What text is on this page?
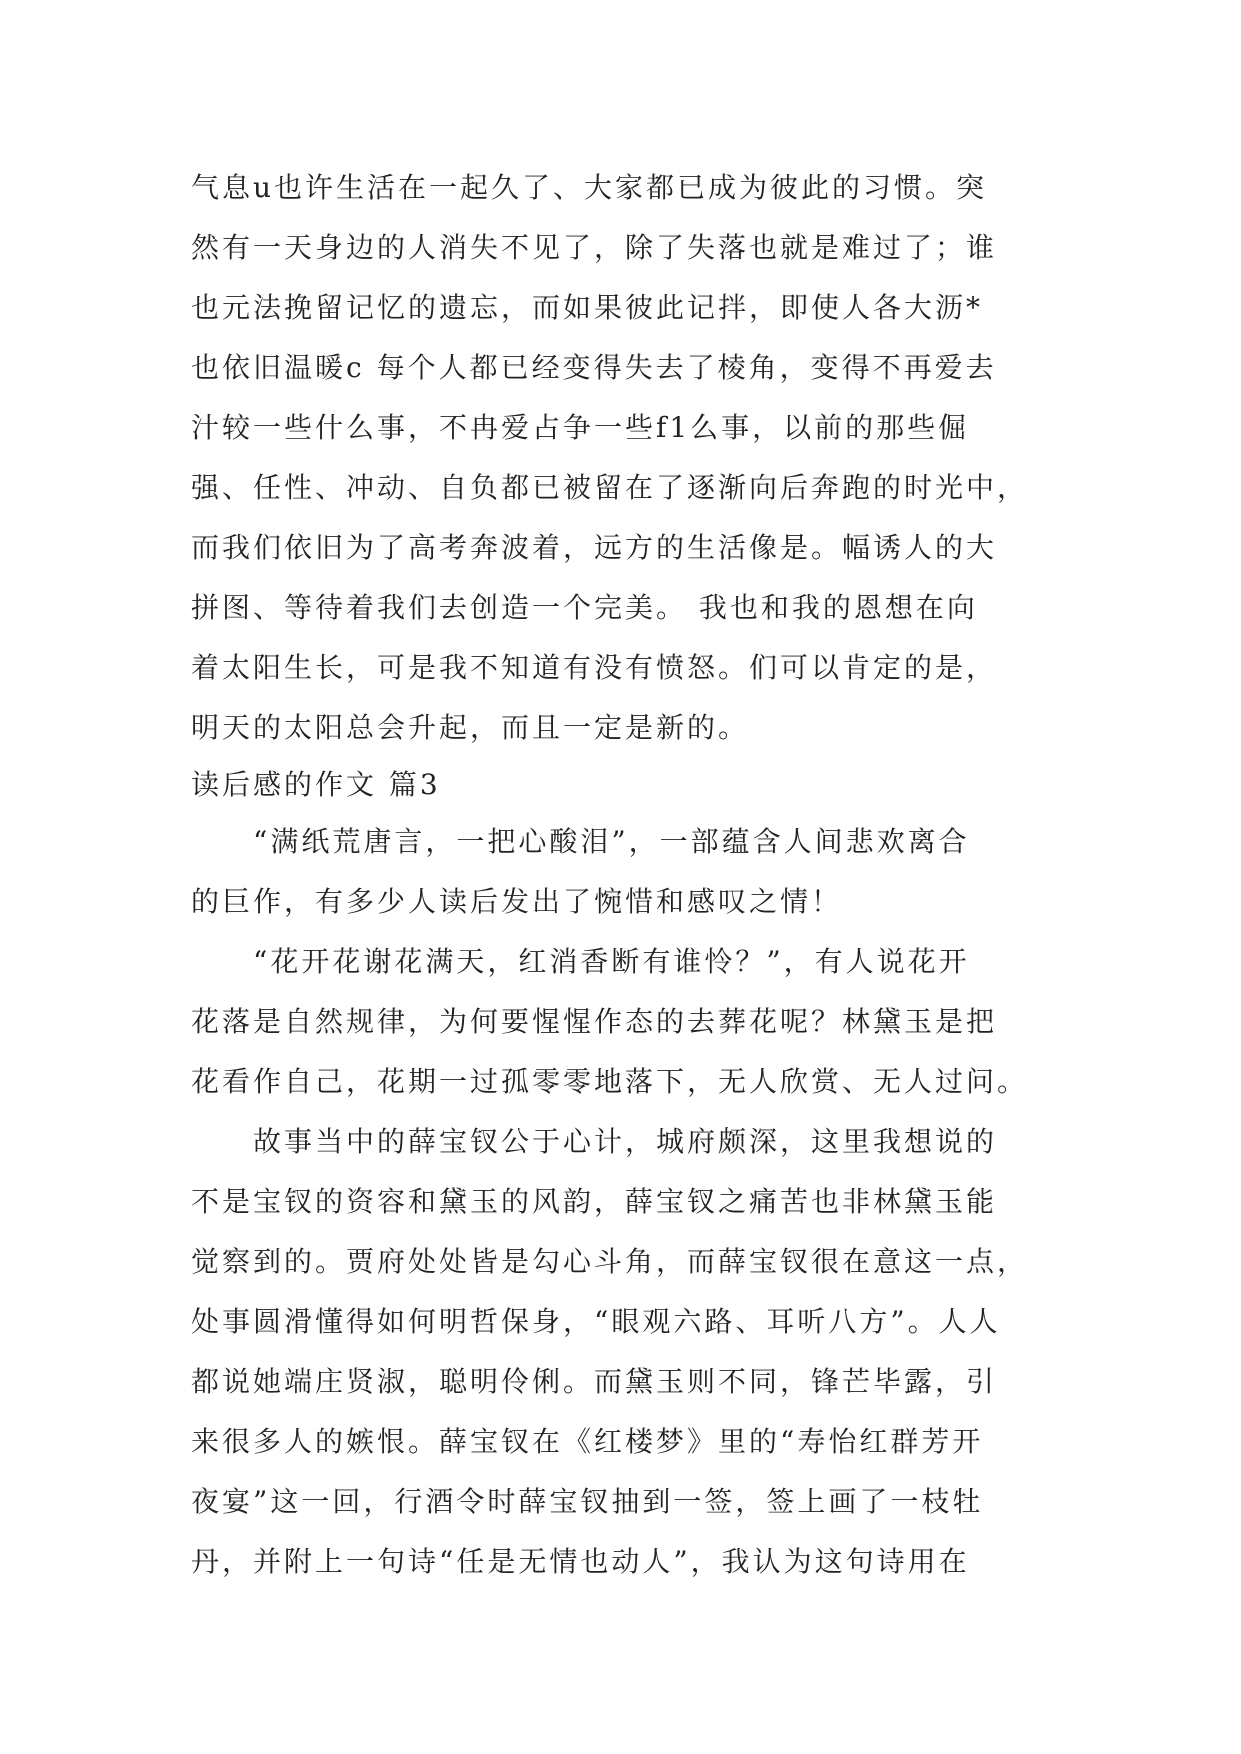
气息u也许生活在一起久了、大家都已成为彼此的习惯。突

然有一天身边的人消失不见了，除了失落也就是难过了；谁

也元法挽留记忆的遗忘，而如果彼此记拌，即使人各大沥*

也依旧温暖c 每个人都已经变得失去了棱角，变得不再爱去

汁较一些什么事，不冉爱占争一些f1么事，以前的那些倔

强、任性、冲动、自负都已被留在了逐渐向后奔跑的时光中，

而我们依旧为了高考奔波着，远方的生活像是。幅诱人的大

拼图、等待着我们去创造一个完美。 我也和我的恩想在向

着太阳生长，可是我不知道有没有愤怒。们可以肯定的是，

明天的太阳总会升起，而且一定是新的。

读后感的作文 篇3

　　“满纸荒唐言，一把心酸泪”，一部蕴含人间悲欢离合

的巨作，有多少人读后发出了惋惜和感叹之情！

　　“花开花谢花满天，红消香断有谁怜？”，有人说花开

花落是自然规律，为何要惺惺作态的去葬花呢？林黛玉是把

花看作自己，花期一过孤零零地落下，无人欣赏、无人过问。

　　故事当中的薛宝钗公于心计，城府颇深，这里我想说的

不是宝钗的资容和黛玉的风韵，薛宝钗之痛苦也非林黛玉能

觉察到的。贾府处处皆是勾心斗角，而薛宝钗很在意这一点，

处事圆滑懂得如何明哲保身，“眼观六路、耳听八方”。人人

都说她端庄贤淑，聪明伶俐。而黛玉则不同，锋芒毕露，引

来很多人的嫉恨。薛宝钗在《红楼梦》里的“寿怡红群芳开

夜宴”这一回，行酒令时薛宝钗抽到一签，签上画了一枝牡

丹，并附上一句诗“任是无情也动人”，我认为这句诗用在
